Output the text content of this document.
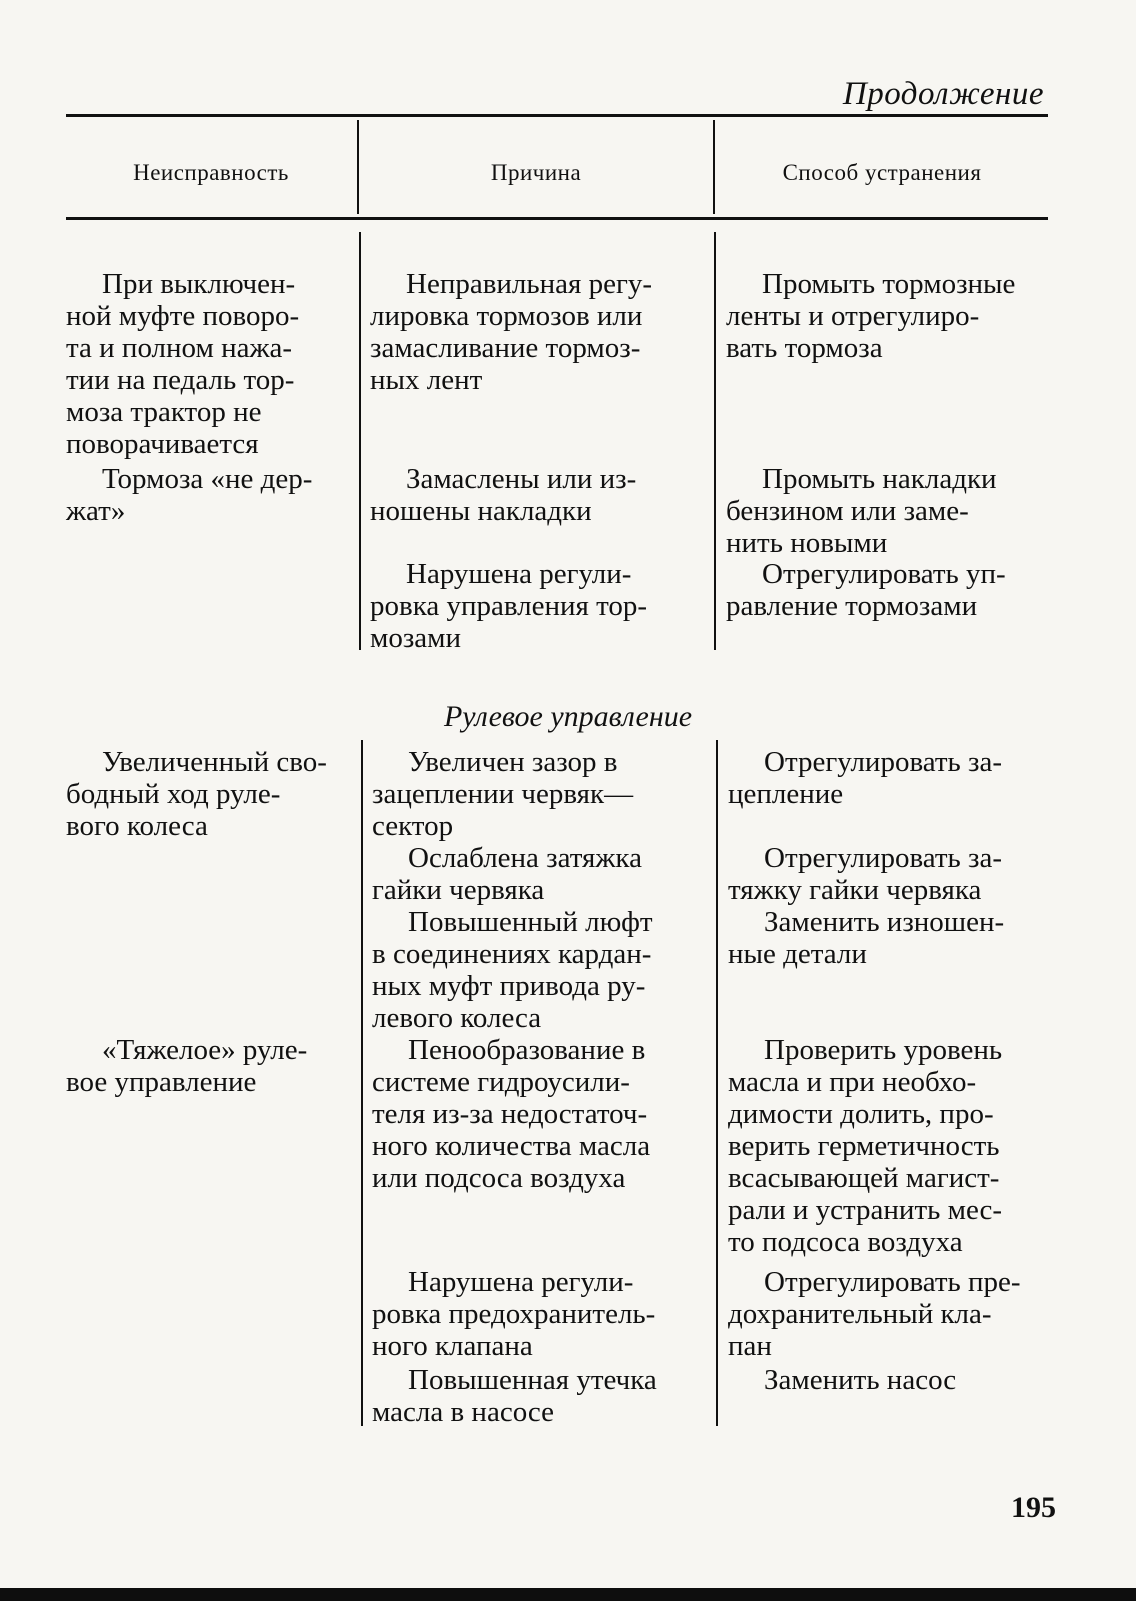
Продолжение
Неисправность	Причина	Способ устранения
При выключен-
ной муфте поворо-
та и полном нажа-
тии на педаль тор-
моза трактор не
поворачивается
Неправильная регу-
лировка тормозов или
замасливание тормоз-
ных лент
Промыть тормозные
ленты и отрегулиро-
вать тормоза
Тормоза «не дер-
жат»
Замаслены или из-
ношены накладки
Промыть накладки
бензином или заме-
нить новыми
Нарушена регули-
ровка управления тор-
мозами
Отрегулировать уп-
равление тормозами
Рулевое управление
Увеличенный сво-
бодный ход руле-
вого колеса
Увеличен зазор в
зацеплении червяк—
сектор
Отрегулировать за-
цепление
Ослаблена затяжка
гайки червяка
Отрегулировать за-
тяжку гайки червяка
Повышенный люфт
в соединениях кардан-
ных муфт привода ру-
левого колеса
Заменить изношен-
ные детали
«Тяжелое» руле-
вое управление
Пенообразование в
системе гидроусили-
теля из-за недостаточ-
ного количества масла
или подсоса воздуха
Проверить уровень
масла и при необхо-
димости долить, про-
верить герметичность
всасывающей магист-
рали и устранить мес-
то подсоса воздуха
Нарушена регули-
ровка предохранитель-
ного клапана
Отрегулировать пре-
дохранительный кла-
пан
Повышенная утечка
масла в насосе
Заменить насос
195
